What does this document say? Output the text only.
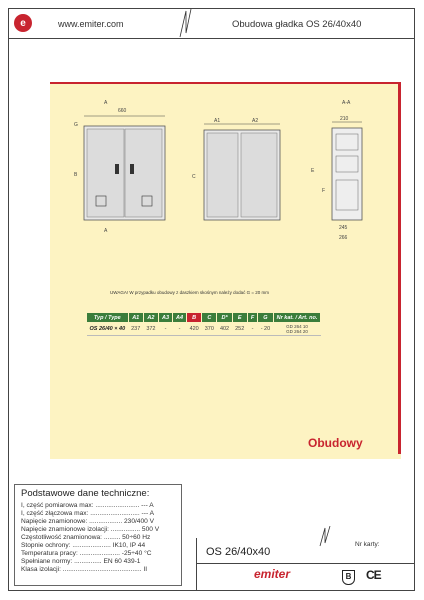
e	www.emiter.com	Obudowa gładka OS 26/40x40
A
660
G
B
A
A1	A2
C
A-A
210
E
F
245
266
UWAGA! W przypadku obudowy z daszkiem skośnym należy dodać G = 20 mm
Typ / Type	A1	A2	A3	A4	B	C	D*	E	F	G	Nr kat. / Art. no.
OS 26/40 × 40	237	372	-	-	420	370	402	252	-	- 20	GD 264 10
GD 264 20
Obudowy
Podstawowe dane techniczne:
I, część pomiarowa max: ........................ --- A
I, część złączowa max: ........................... --- A
Napięcie znamionowe: .................. 230/400 V
Napięcie znamionowe izolacji: ................ 500 V
Częstotliwość znamionowa: ......... 50÷60 Hz
Stopnie ochrony: ..................... IK10, IP 44
Temperatura pracy: ...................... -25÷40 °C
Spełniane normy: ............... EN 60 439-1
Klasa izolacji: ........................................... II
Nr karty:
OS 26/40x40
emiter	B	CE
